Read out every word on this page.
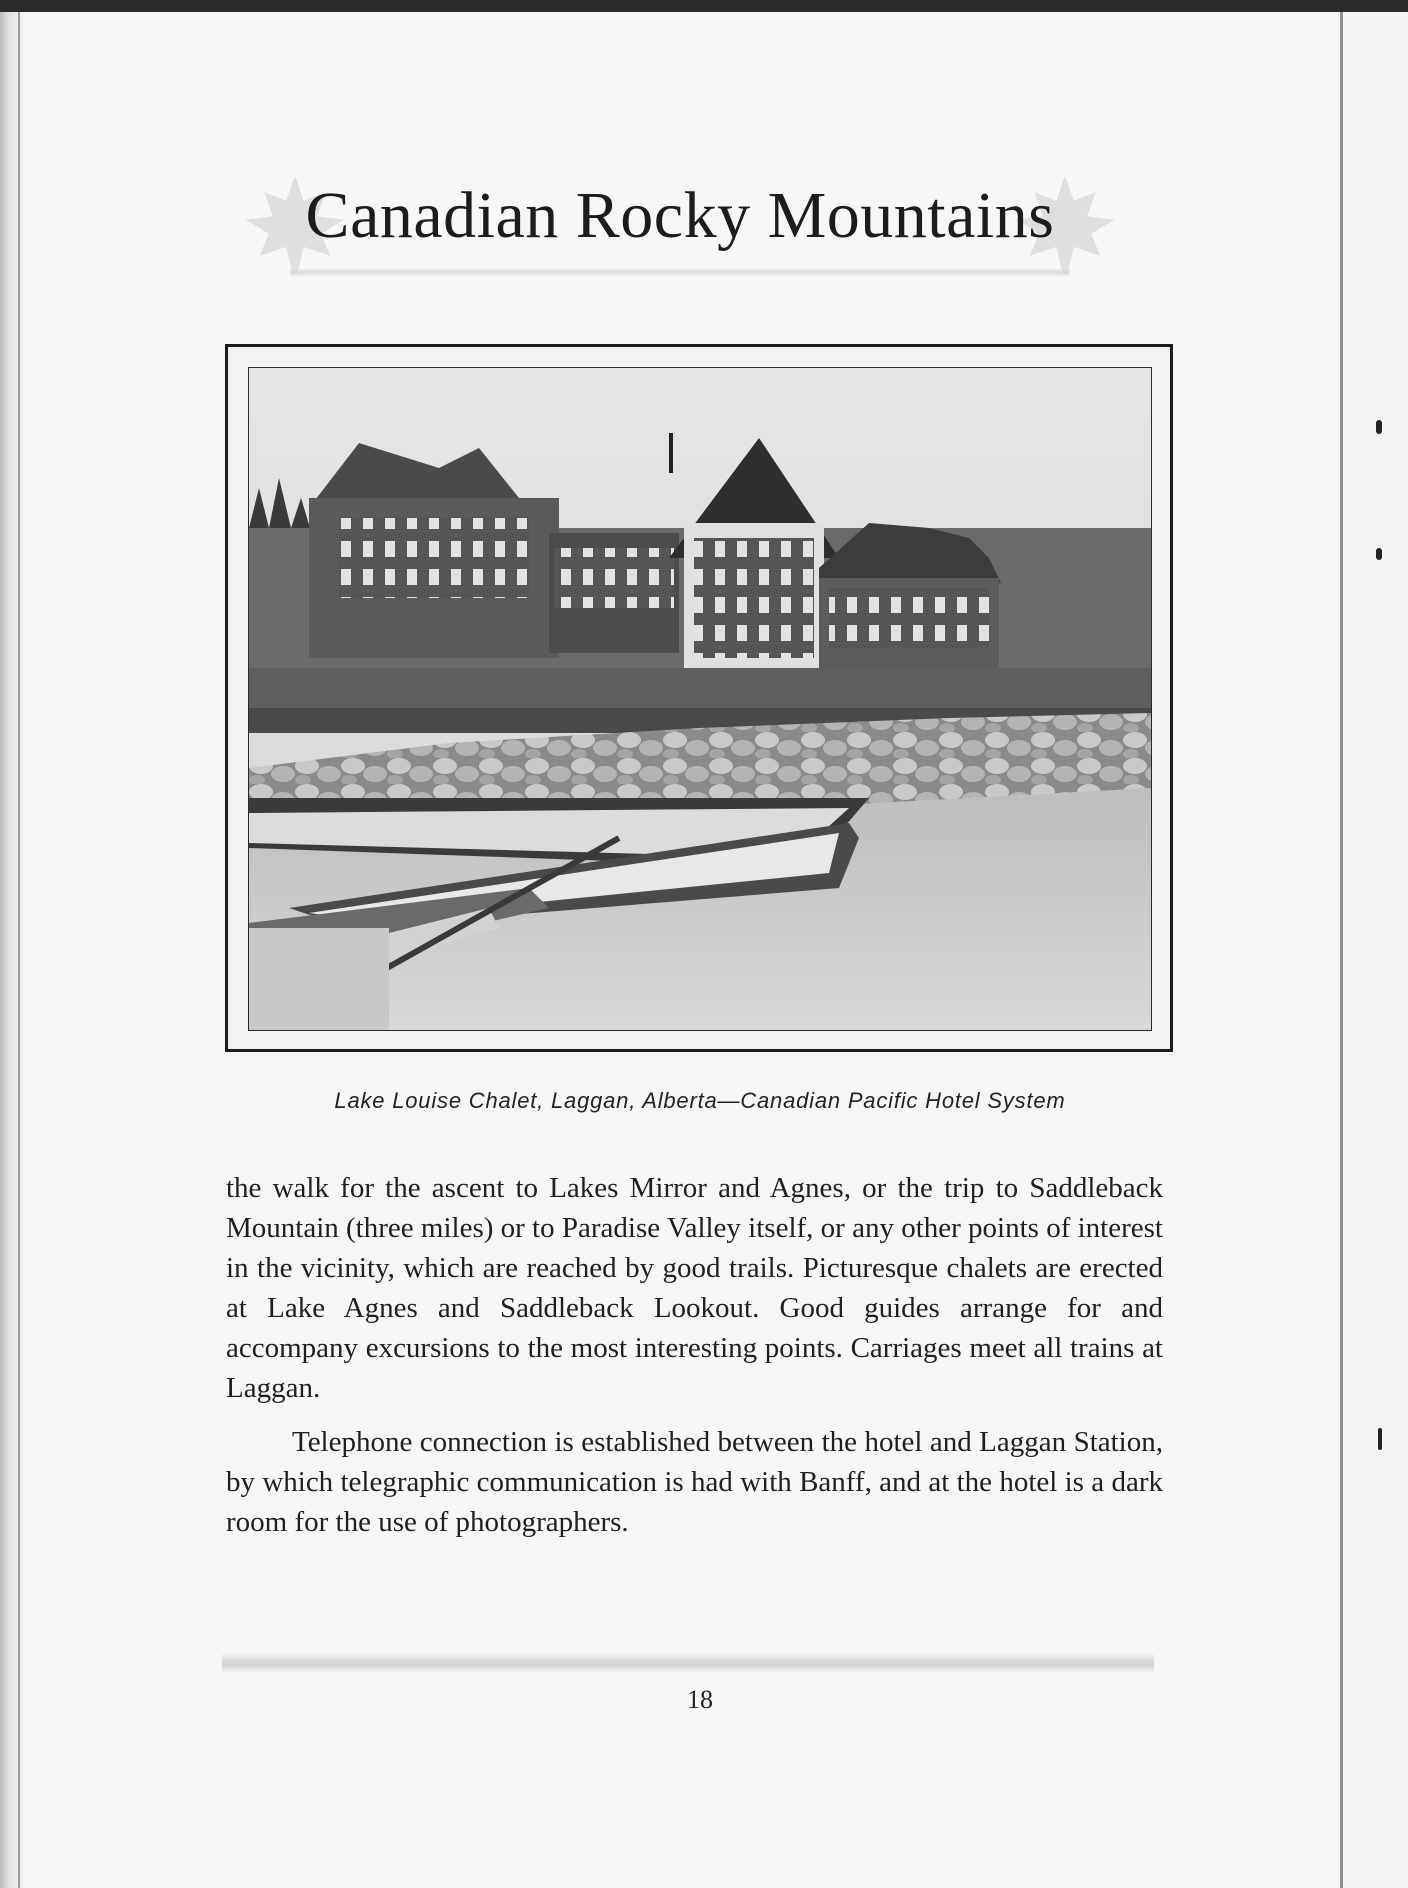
Canadian Rocky Mountains
Lake Louise Chalet, Laggan, Alberta—Canadian Pacific Hotel System

the walk for the ascent to Lakes Mirror and Agnes, or the trip to Saddleback Mountain (three miles) or to Paradise Valley itself, or any other points of interest in the vicinity, which are reached by good trails. Picturesque chalets are erected at Lake Agnes and Saddleback Lookout. Good guides arrange for and accompany excursions to the most interesting points. Carriages meet all trains at Laggan.

Telephone connection is established between the hotel and Laggan Station, by which telegraphic communication is had with Banff, and at the hotel is a dark room for the use of photographers.

18
